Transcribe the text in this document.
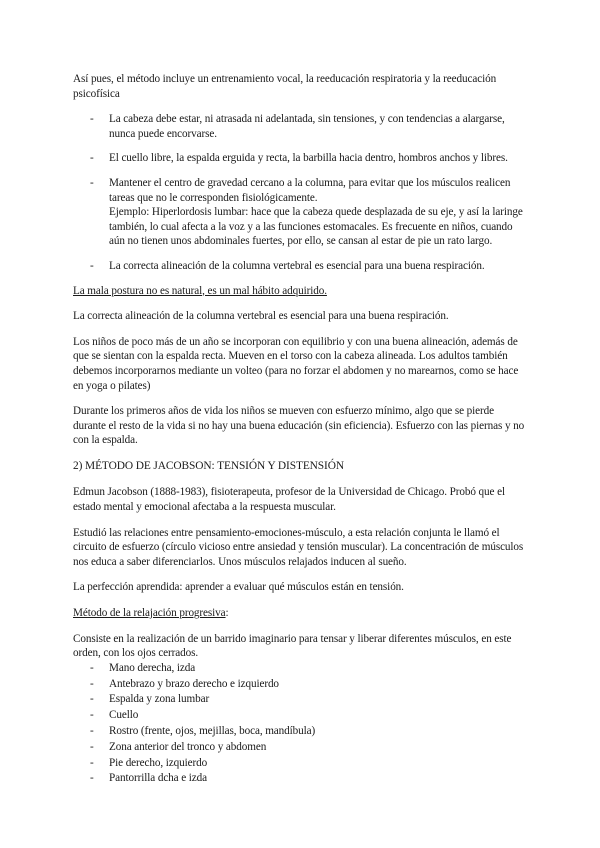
Así pues, el método incluye un entrenamiento vocal, la reeducación respiratoria y la reeducación psicofísica

- La cabeza debe estar, ni atrasada ni adelantada, sin tensiones, y con tendencias a alargarse, nunca puede encorvarse.
- El cuello libre, la espalda erguida y recta, la barbilla hacia dentro, hombros anchos y libres.
- Mantener el centro de gravedad cercano a la columna, para evitar que los músculos realicen tareas que no le corresponden fisiológicamente.
Ejemplo: Hiperlordosis lumbar: hace que la cabeza quede desplazada de su eje, y así la laringe también, lo cual afecta a la voz y a las funciones estomacales. Es frecuente en niños, cuando aún no tienen unos abdominales fuertes, por ello, se cansan al estar de pie un rato largo.
- La correcta alineación de la columna vertebral es esencial para una buena respiración.

La mala postura no es natural, es un mal hábito adquirido.

La correcta alineación de la columna vertebral es esencial para una buena respiración.

Los niños de poco más de un año se incorporan con equilibrio y con una buena alineación, además de que se sientan con la espalda recta. Mueven en el torso con la cabeza alineada. Los adultos también debemos incorporarnos mediante un volteo (para no forzar el abdomen y no marearnos, como se hace en yoga o pilates)

Durante los primeros años de vida los niños se mueven con esfuerzo mínimo, algo que se pierde durante el resto de la vida si no hay una buena educación (sin eficiencia). Esfuerzo con las piernas y no con la espalda.

2) MÉTODO DE JACOBSON: TENSIÓN Y DISTENSIÓN

Edmun Jacobson (1888-1983), fisioterapeuta, profesor de la Universidad de Chicago. Probó que el estado mental y emocional afectaba a la respuesta muscular.

Estudió las relaciones entre pensamiento-emociones-músculo, a esta relación conjunta le llamó el circuito de esfuerzo (círculo vicioso entre ansiedad y tensión muscular). La concentración de músculos nos educa a saber diferenciarlos. Unos músculos relajados inducen al sueño.

La perfección aprendida: aprender a evaluar qué músculos están en tensión.

Método de la relajación progresiva:

Consiste en la realización de un barrido imaginario para tensar y liberar diferentes músculos, en este orden, con los ojos cerrados.

- Mano derecha, izda
- Antebrazo y brazo derecho e izquierdo
- Espalda y zona lumbar
- Cuello
- Rostro (frente, ojos, mejillas, boca, mandíbula)
- Zona anterior del tronco y abdomen
- Pie derecho, izquierdo
- Pantorrilla dcha e izda
